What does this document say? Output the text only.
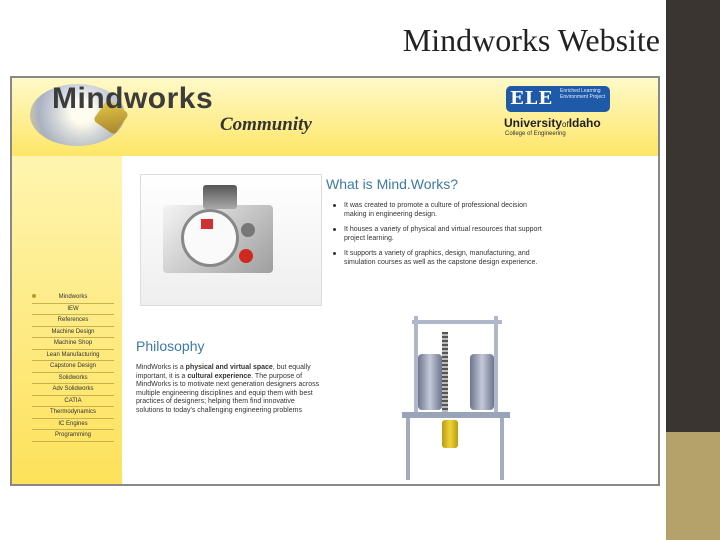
Mindworks Website
Mindworks
Community
ELE Enriched Learning Environment Project
UniversityofIdaho
College of Engineering
Mindworks
IEW
References
Machine Design
Machine Shop
Lean Manufacturing
Capstone Design
Solidworks
Adv Solidworks
CATIA
Thermodynamics
IC Engines
Programming
What is Mind.Works?
It was created to promote a culture of professional decision making in engineering design.
It houses a variety of physical and virtual resources that support project learning.
It supports a variety of graphics, design, manufacturing, and simulation courses as well as the capstone design experience.
Philosophy
MindWorks is a physical and virtual space, but equally important, it is a cultural experience. The purpose of MindWorks is to motivate next generation designers across multiple engineering disciplines and equip them with best practices of designers; helping them find innovative solutions to today's challenging engineering problems
